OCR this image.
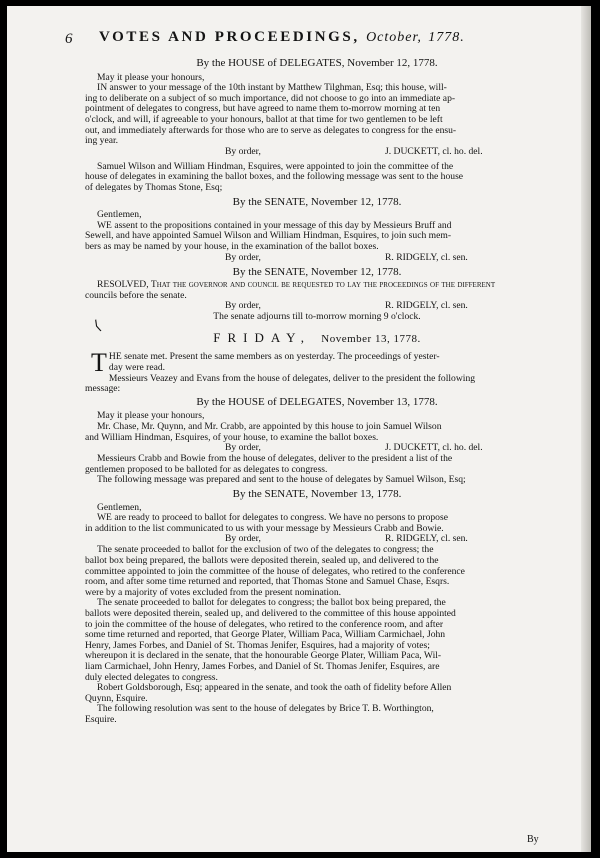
⟨
6 VOTES AND PROCEEDINGS, October, 1778.
By the HOUSE of DELEGATES, November 12, 1778.
May it please your honours,
IN answer to your message of the 10th instant by Matthew Tilghman, Esq; this house, will-
ing to deliberate on a subject of so much importance, did not choose to go into an immediate ap-
pointment of delegates to congress, but have agreed to name them to-morrow morning at ten
o'clock, and will, if agreeable to your honours, ballot at that time for two gentlemen to be left
out, and immediately afterwards for those who are to serve as delegates to congress for the ensu-
ing year.
By order,	J. DUCKETT, cl. ho. del.
Samuel Wilson and William Hindman, Esquires, were appointed to join the committee of the
house of delegates in examining the ballot boxes, and the following message was sent to the house
of delegates by Thomas Stone, Esq;
By the SENATE, November 12, 1778.
Gentlemen,
WE assent to the propositions contained in your message of this day by Messieurs Bruff and
Sewell, and have appointed Samuel Wilson and William Hindman, Esquires, to join such mem-
bers as may be named by your house, in the examination of the ballot boxes.
By order,	R. RIDGELY, cl. sen.
By the SENATE, November 12, 1778.
RESOLVED, That the governor and council be requested to lay the proceedings of the different
councils before the senate.
By order,	R. RIDGELY, cl. sen.
The senate adjourns till to-morrow morning 9 o'clock.
FRIDAY, November 13, 1778.
T HE senate met. Present the same members as on yesterday. The proceedings of yester-
day were read.
Messieurs Veazey and Evans from the house of delegates, deliver to the president the following
message:
By the HOUSE of DELEGATES, November 13, 1778.
May it please your honours,
Mr. Chase, Mr. Quynn, and Mr. Crabb, are appointed by this house to join Samuel Wilson
and William Hindman, Esquires, of your house, to examine the ballot boxes.
By order,	J. DUCKETT, cl. ho. del.
Messieurs Crabb and Bowie from the house of delegates, deliver to the president a list of the
gentlemen proposed to be balloted for as delegates to congress.
The following message was prepared and sent to the house of delegates by Samuel Wilson, Esq;
By the SENATE, November 13, 1778.
Gentlemen,
WE are ready to proceed to ballot for delegates to congress. We have no persons to propose
in addition to the list communicated to us with your message by Messieurs Crabb and Bowie.
By order,	R. RIDGELY, cl. sen.
The senate proceeded to ballot for the exclusion of two of the delegates to congress; the
ballot box being prepared, the ballots were deposited therein, sealed up, and delivered to the
committee appointed to join the committee of the house of delegates, who retired to the conference
room, and after some time returned and reported, that Thomas Stone and Samuel Chase, Esqrs.
were by a majority of votes excluded from the present nomination.
The senate proceeded to ballot for delegates to congress; the ballot box being prepared, the
ballots were deposited therein, sealed up, and delivered to the committee of this house appointed
to join the committee of the house of delegates, who retired to the conference room, and after
some time returned and reported, that George Plater, William Paca, William Carmichael, John
Henry, James Forbes, and Daniel of St. Thomas Jenifer, Esquires, had a majority of votes;
whereupon it is declared in the senate, that the honourable George Plater, William Paca, Wil-
liam Carmichael, John Henry, James Forbes, and Daniel of St. Thomas Jenifer, Esquires, are
duly elected delegates to congress.
Robert Goldsborough, Esq; appeared in the senate, and took the oath of fidelity before Allen
Quynn, Esquire.
The following resolution was sent to the house of delegates by Brice T. B. Worthington,
Esquire.
By
